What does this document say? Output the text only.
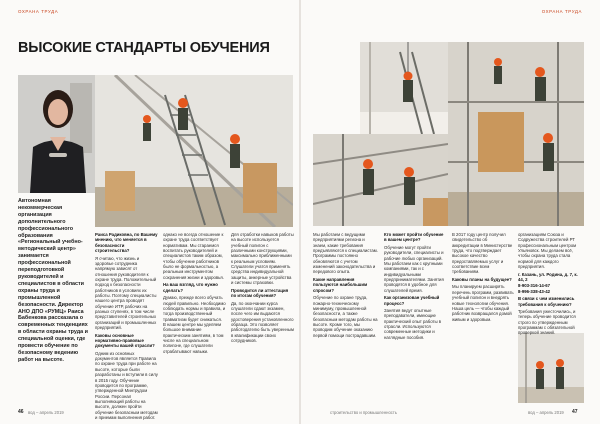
ОХРАНА ТРУДА	ОХРАНА ТРУДА
ВЫСОКИЕ СТАНДАРТЫ ОБУЧЕНИЯ
Автономная некоммерческая организация дополнительного профессионального образования «Региональный учебно-методический центр» занимается профессиональной переподготовкой руководителей и специалистов в области охраны труда и промышленной безопасности. Директор АНО ДПО «РУМЦ» Раиса Бабенкова рассказала о современных тенденциях в области охраны труда и специальной оценки, где провести обучение по безопасному ведению работ на высоте.

Раиса Радиковна, по Вашему мнению, что меняется в безопасности строительства?

Я считаю, что жизнь и здоровье сотрудника напрямую зависят от отношения руководителя к охране труда. Положительный подход к безопасности работников в условиях их работы. Поэтому специалисты нашего центра проводят обучение ИТР, рабочих на разных ступенях, в том числе представителей строительных организаций и промышленных предприятий.

Каковы основные нормативно-правовые документы вашей отрасли?

Одним из основных документов является Правила по охране труда при работе на высоте, которые были разработаны и вступили в силу в 2015 году. Обучение проводится по программе, утвержденной Минтрудом России. Персонал выполняющий работы на высоте, должен пройти обучение безопасным методам и приемам выполнения работ.

однако не всегда отношение к охране труда соответствует нормативам. Мы стараемся воспитать руководителей и специалистов таким образом, чтобы обучение работников было не формальностью, а реальным инструментом сохранения жизни и здоровья.

На ваш взгляд, что нужно сделать?

Думаю, прежде всего обучать людей правильно. Необходимо соблюдать нормы и правила, и тогда производственный травматизм будет снижаться. В нашем центре мы уделяем большое внимание практическим занятиям, в том числе на специальном полигоне, где слушатели отрабатывают навыки.

Для отработки навыков работы на высоте используется учебный полигон с различными конструкциями, максимально приближенными к реальным условиям. Слушатели учатся применять средства индивидуальной защиты, анкерные устройства и системы страховки.

Проводится ли аттестация по итогам обучения?

Да, по окончании курса слушатели сдают экзамен, после чего им выдаются удостоверения установленного образца. Это позволяет работодателю быть уверенным в квалификации своих сотрудников.

Мы работаем с ведущими предприятиями региона и знаем, какие требования предъявляются к специалистам. Программы постоянно обновляются с учетом изменений законодательства и передового опыта.

Какие направления пользуются наибольшим спросом?

Обучение по охране труда, пожарно-техническому минимуму, промышленной безопасности, а также безопасным методам работы на высоте. Кроме того, мы проводим обучение оказанию первой помощи пострадавшим.

Кто может пройти обучение в вашем центре?

Обучение могут пройти руководители, специалисты и рабочие любых организаций. Мы работаем как с крупными компаниями, так и с индивидуальными предпринимателями. Занятия проводятся в удобное для слушателей время.

Как организован учебный процесс?

Занятия ведут опытные преподаватели, имеющие практический опыт работы в отрасли. Используются современные методики и наглядные пособия.

В 2017 году центр получил свидетельство об аккредитации в Министерстве труда, что подтверждает высокое качество предоставляемых услуг и соответствие всем требованиям.

Каковы планы на будущее?

Мы планируем расширять перечень программ, развивать учебный полигон и внедрять новые технологии обучения. Наша цель — чтобы каждый работник возвращался домой живым и здоровым.

организациям Союза и Содружества строителей РТ профессиональным центром Ульяновск. Мы делаем всё, чтобы охрана труда стала нормой для каждого предприятия.

г. Казань, ул. Родина, д. 7, к. 44, 2

8-903-316-14-67

8-996-338-43-42

В связи с чем изменились требования к обучению?

Требования ужесточились, и теперь обучение проводится строго по утвержденным программам с обязательной проверкой знаний.

46 вод – апрель 2019	строительство и промышленность	вод – апрель 2019 47
